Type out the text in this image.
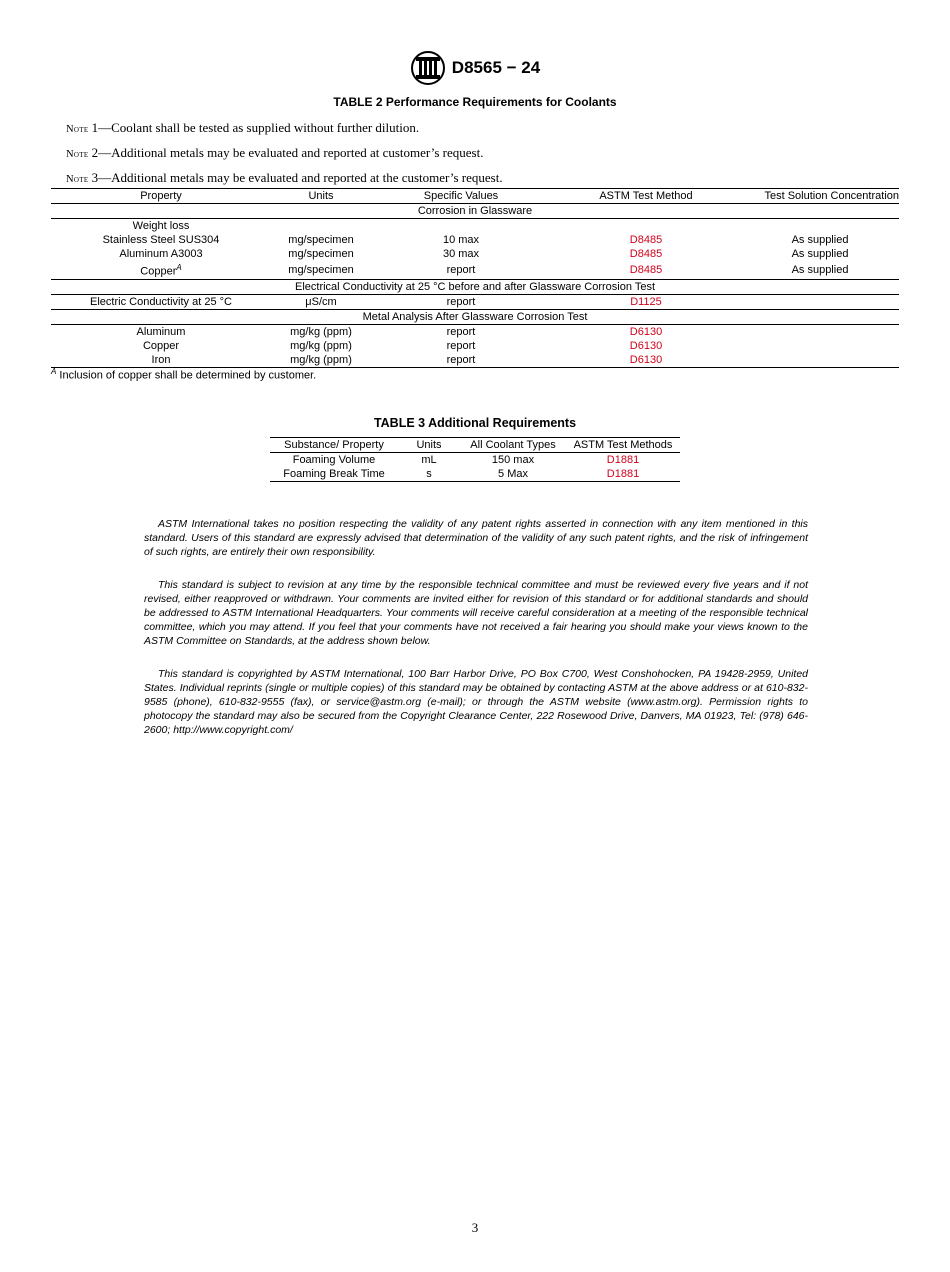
D8565 − 24
TABLE 2 Performance Requirements for Coolants
Note 1—Coolant shall be tested as supplied without further dilution.
Note 2—Additional metals may be evaluated and reported at customer’s request.
Note 3—Additional metals may be evaluated and reported at the customer’s request.
Property	Units	Specific Values	ASTM Test Method	Test Solution Concentration
Corrosion in Glassware				
Weight loss				
Stainless Steel SUS304	mg/specimen	10 max	D8485	As supplied
Aluminum A3003	mg/specimen	30 max	D8485	As supplied
Copper$^A$	mg/specimen	report	D8485	As supplied
Electrical Conductivity at 25 °C before and after Glassware Corrosion Test				
Electric Conductivity at 25 °C	μS/cm	report	D1125	
Metal Analysis After Glassware Corrosion Test				
Aluminum	mg/kg (ppm)	report	D6130	
Copper	mg/kg (ppm)	report	D6130	
Iron	mg/kg (ppm)	report	D6130	
$^A$ Inclusion of copper shall be determined by customer.
TABLE 3 Additional Requirements
Substance/ Property	Units	All Coolant Types	ASTM Test Methods
Foaming Volume	mL	150 max	D1881
Foaming Break Time	s	5 Max	D1881

ASTM International takes no position respecting the validity of any patent rights asserted in connection with any item mentioned in this standard. Users of this standard are expressly advised that determination of the validity of any such patent rights, and the risk of infringement of such rights, are entirely their own responsibility.

This standard is subject to revision at any time by the responsible technical committee and must be reviewed every five years and if not revised, either reapproved or withdrawn. Your comments are invited either for revision of this standard or for additional standards and should be addressed to ASTM International Headquarters. Your comments will receive careful consideration at a meeting of the responsible technical committee, which you may attend. If you feel that your comments have not received a fair hearing you should make your views known to the ASTM Committee on Standards, at the address shown below.

This standard is copyrighted by ASTM International, 100 Barr Harbor Drive, PO Box C700, West Conshohocken, PA 19428-2959, United States. Individual reprints (single or multiple copies) of this standard may be obtained by contacting ASTM at the above address or at 610-832-9585 (phone), 610-832-9555 (fax), or service@astm.org (e-mail); or through the ASTM website (www.astm.org). Permission rights to photocopy the standard may also be secured from the Copyright Clearance Center, 222 Rosewood Drive, Danvers, MA 01923, Tel: (978) 646-2600; http://www.copyright.com/

3
